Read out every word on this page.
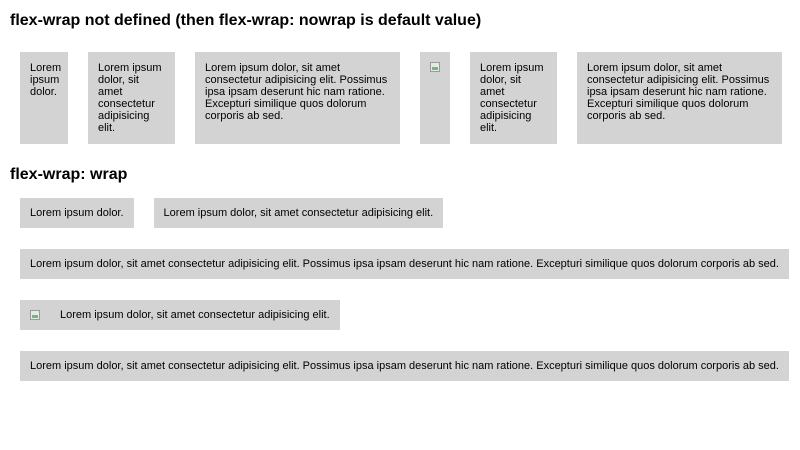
flex-wrap not defined (then flex-wrap: nowrap is default value)
Lorem ipsum dolor.
Lorem ipsum dolor, sit amet consectetur adipisicing elit.
Lorem ipsum dolor, sit amet consectetur adipisicing elit. Possimus ipsa ipsam deserunt hic nam ratione. Excepturi similique quos dolorum corporis ab sed.
Lorem ipsum dolor, sit amet consectetur adipisicing elit.
Lorem ipsum dolor, sit amet consectetur adipisicing elit. Possimus ipsa ipsam deserunt hic nam ratione. Excepturi similique quos dolorum corporis ab sed.
flex-wrap: wrap
Lorem ipsum dolor.	Lorem ipsum dolor, sit amet consectetur adipisicing elit.
Lorem ipsum dolor, sit amet consectetur adipisicing elit. Possimus ipsa ipsam deserunt hic nam ratione. Excepturi similique quos dolorum corporis ab sed.
Lorem ipsum dolor, sit amet consectetur adipisicing elit.
Lorem ipsum dolor, sit amet consectetur adipisicing elit. Possimus ipsa ipsam deserunt hic nam ratione. Excepturi similique quos dolorum corporis ab sed.
